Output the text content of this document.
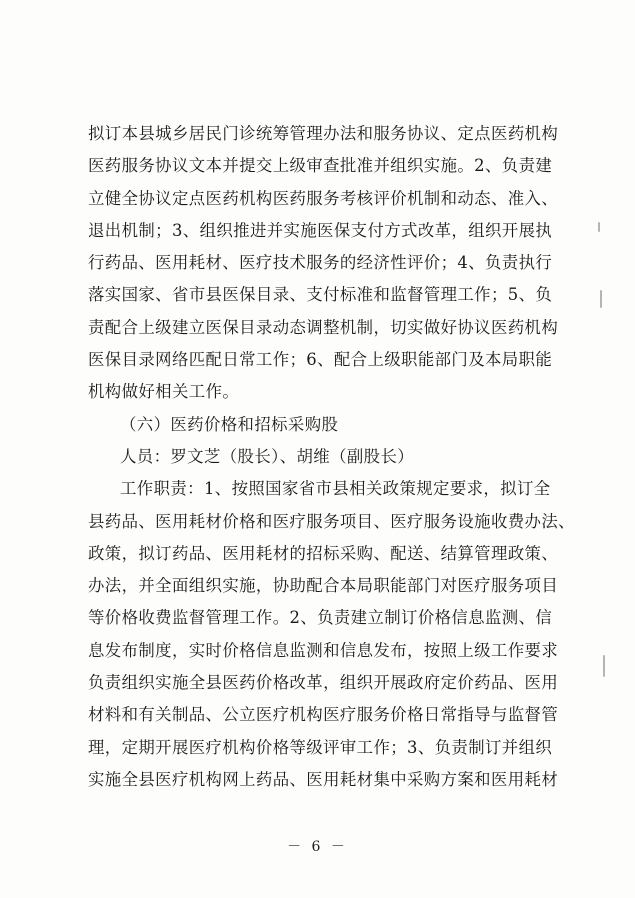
拟订本县城乡居民门诊统筹管理办法和服务协议、定点医药机构
医药服务协议文本并提交上级审查批准并组织实施。2、负责建
立健全协议定点医药机构医药服务考核评价机制和动态、准入、
退出机制；3、组织推进并实施医保支付方式改革，组织开展执
行药品、医用耗材、医疗技术服务的经济性评价；4、负责执行
落实国家、省市县医保目录、支付标准和监督管理工作；5、负
责配合上级建立医保目录动态调整机制，切实做好协议医药机构
医保目录网络匹配日常工作；6、配合上级职能部门及本局职能
机构做好相关工作。
（六）医药价格和招标采购股
人员：罗文芝（股长）、胡维（副股长）
工作职责：1、按照国家省市县相关政策规定要求，拟订全
县药品、医用耗材价格和医疗服务项目、医疗服务设施收费办法、
政策，拟订药品、医用耗材的招标采购、配送、结算管理政策、
办法，并全面组织实施，协助配合本局职能部门对医疗服务项目
等价格收费监督管理工作。2、负责建立制订价格信息监测、信
息发布制度，实时价格信息监测和信息发布，按照上级工作要求
负责组织实施全县医药价格改革，组织开展政府定价药品、医用
材料和有关制品、公立医疗机构医疗服务价格日常指导与监督管
理，定期开展医疗机构价格等级评审工作；3、负责制订并组织
实施全县医疗机构网上药品、医用耗材集中采购方案和医用耗材
－ 6 －
